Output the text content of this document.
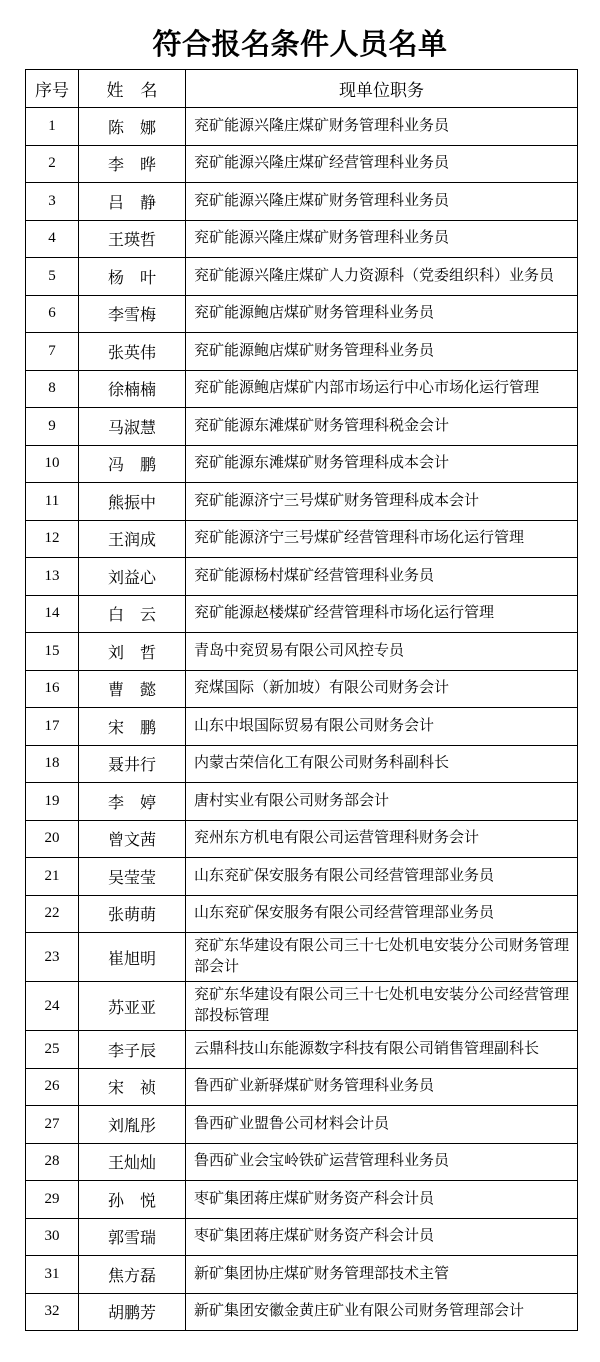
符合报名条件人员名单
序号	姓　名	现单位职务
1	陈　娜	兖矿能源兴隆庄煤矿财务管理科业务员
2	李　晔	兖矿能源兴隆庄煤矿经营管理科业务员
3	吕　静	兖矿能源兴隆庄煤矿财务管理科业务员
4	王瑛哲	兖矿能源兴隆庄煤矿财务管理科业务员
5	杨　叶	兖矿能源兴隆庄煤矿人力资源科（党委组织科）业务员
6	李雪梅	兖矿能源鲍店煤矿财务管理科业务员
7	张英伟	兖矿能源鲍店煤矿财务管理科业务员
8	徐楠楠	兖矿能源鲍店煤矿内部市场运行中心市场化运行管理
9	马淑慧	兖矿能源东滩煤矿财务管理科税金会计
10	冯　鹏	兖矿能源东滩煤矿财务管理科成本会计
11	熊振中	兖矿能源济宁三号煤矿财务管理科成本会计
12	王润成	兖矿能源济宁三号煤矿经营管理科市场化运行管理
13	刘益心	兖矿能源杨村煤矿经营管理科业务员
14	白　云	兖矿能源赵楼煤矿经营管理科市场化运行管理
15	刘　哲	青岛中兖贸易有限公司风控专员
16	曹　懿	兖煤国际（新加坡）有限公司财务会计
17	宋　鹏	山东中垠国际贸易有限公司财务会计
18	聂井行	内蒙古荣信化工有限公司财务科副科长
19	李　婷	唐村实业有限公司财务部会计
20	曾文茜	兖州东方机电有限公司运营管理科财务会计
21	吴莹莹	山东兖矿保安服务有限公司经营管理部业务员
22	张萌萌	山东兖矿保安服务有限公司经营管理部业务员
23	崔旭明	兖矿东华建设有限公司三十七处机电安装分公司财务管理部会计
24	苏亚亚	兖矿东华建设有限公司三十七处机电安装分公司经营管理部投标管理
25	李子辰	云鼎科技山东能源数字科技有限公司销售管理副科长
26	宋　祯	鲁西矿业新驿煤矿财务管理科业务员
27	刘胤彤	鲁西矿业盟鲁公司材料会计员
28	王灿灿	鲁西矿业会宝岭铁矿运营管理科业务员
29	孙　悦	枣矿集团蒋庄煤矿财务资产科会计员
30	郭雪瑞	枣矿集团蒋庄煤矿财务资产科会计员
31	焦方磊	新矿集团协庄煤矿财务管理部技术主管
32	胡鹏芳	新矿集团安徽金黄庄矿业有限公司财务管理部会计
